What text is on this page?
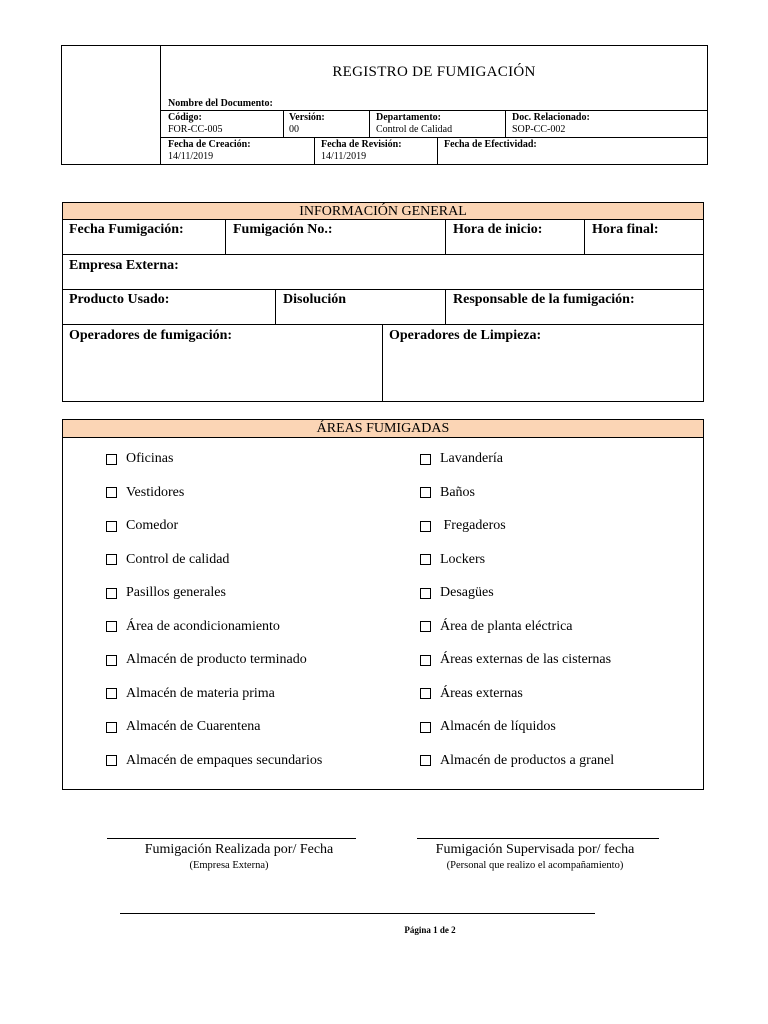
REGISTRO DE FUMIGACIÓN
Nombre del Documento:
Código:
FOR-CC-005
Versión:
00
Departamento:
Control de Calidad
Doc. Relacionado:
SOP-CC-002
Fecha de Creación:
14/11/2019
Fecha de Revisión:
14/11/2019
Fecha de Efectividad:
INFORMACIÓN GENERAL
Fecha Fumigación:	Fumigación No.:	Hora de inicio:	Hora final:
Empresa Externa:
Producto Usado:	Disolución	Responsable de la fumigación:
Operadores de fumigación:	Operadores de Limpieza:
ÁREAS FUMIGADAS
Fumigación Realizada por/ Fecha
(Empresa Externa)
Fumigación Supervisada por/ fecha
(Personal que realizo el acompañamiento)
Página 1 de 2
Oficinas
Vestidores
Comedor
Control de calidad
Pasillos generales
Área de acondicionamiento
Almacén de producto terminado
Almacén de materia prima
Almacén de Cuarentena
Almacén de empaques secundarios
Lavandería
Baños
Fregaderos
Lockers
Desagües
Área de planta eléctrica
Áreas externas de las cisternas
Áreas externas
Almacén de líquidos
Almacén de productos a granel
